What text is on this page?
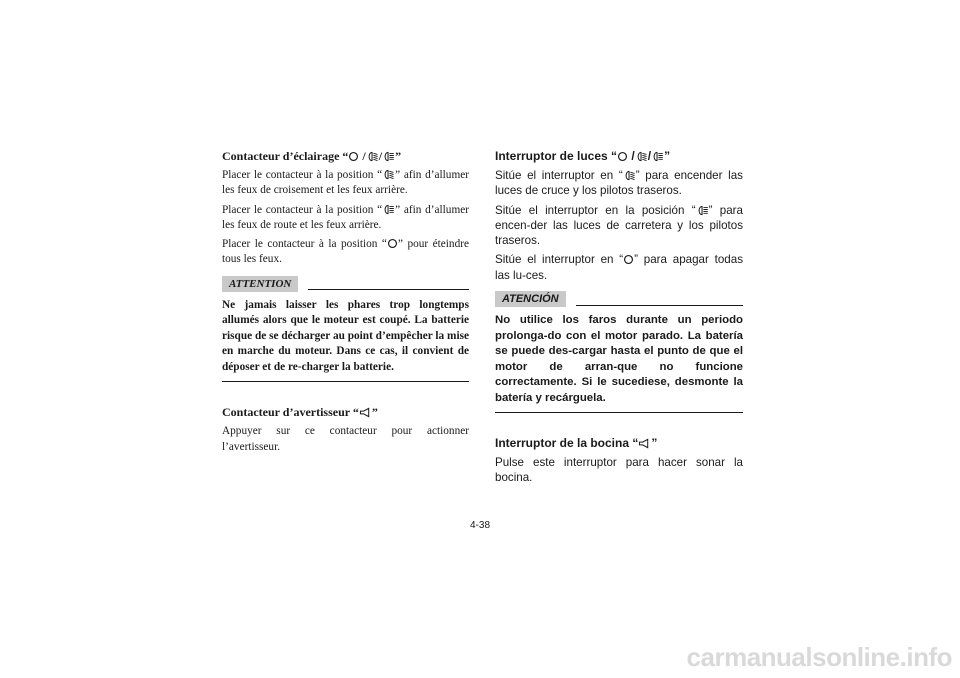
Contacteur d’éclairage “ / / ”

Placer le contacteur à la position “ ” afin d’allumer les feux de croisement et les feux arrière.

Placer le contacteur à la position “ ” afin d’allumer les feux de route et les feux arrière.

Placer le contacteur à la position “ ” pour éteindre tous les feux.

ATTENTION

Ne jamais laisser les phares trop longtemps allumés alors que le moteur est coupé. La batterie risque de se décharger au point d’empêcher la mise en marche du moteur. Dans ce cas, il convient de déposer et de re-charger la batterie.

Contacteur d’avertisseur “ ”

Appuyer sur ce contacteur pour actionner l’avertisseur.

Interruptor de luces “ / / ”

Sitúe el interruptor en “ ” para encender las luces de cruce y los pilotos traseros.

Sitúe el interruptor en la posición “ ” para encen-der las luces de carretera y los pilotos traseros.

Sitúe el interruptor en “ ” para apagar todas las lu-ces.

ATENCIÓN

No utilice los faros durante un periodo prolonga-do con el motor parado. La batería se puede des-cargar hasta el punto de que el motor de arran-que no funcione correctamente. Si le sucediese, desmonte la batería y recárguela.

Interruptor de la bocina “ ”

Pulse este interruptor para hacer sonar la bocina.

4-38
carmanualsonline.info
